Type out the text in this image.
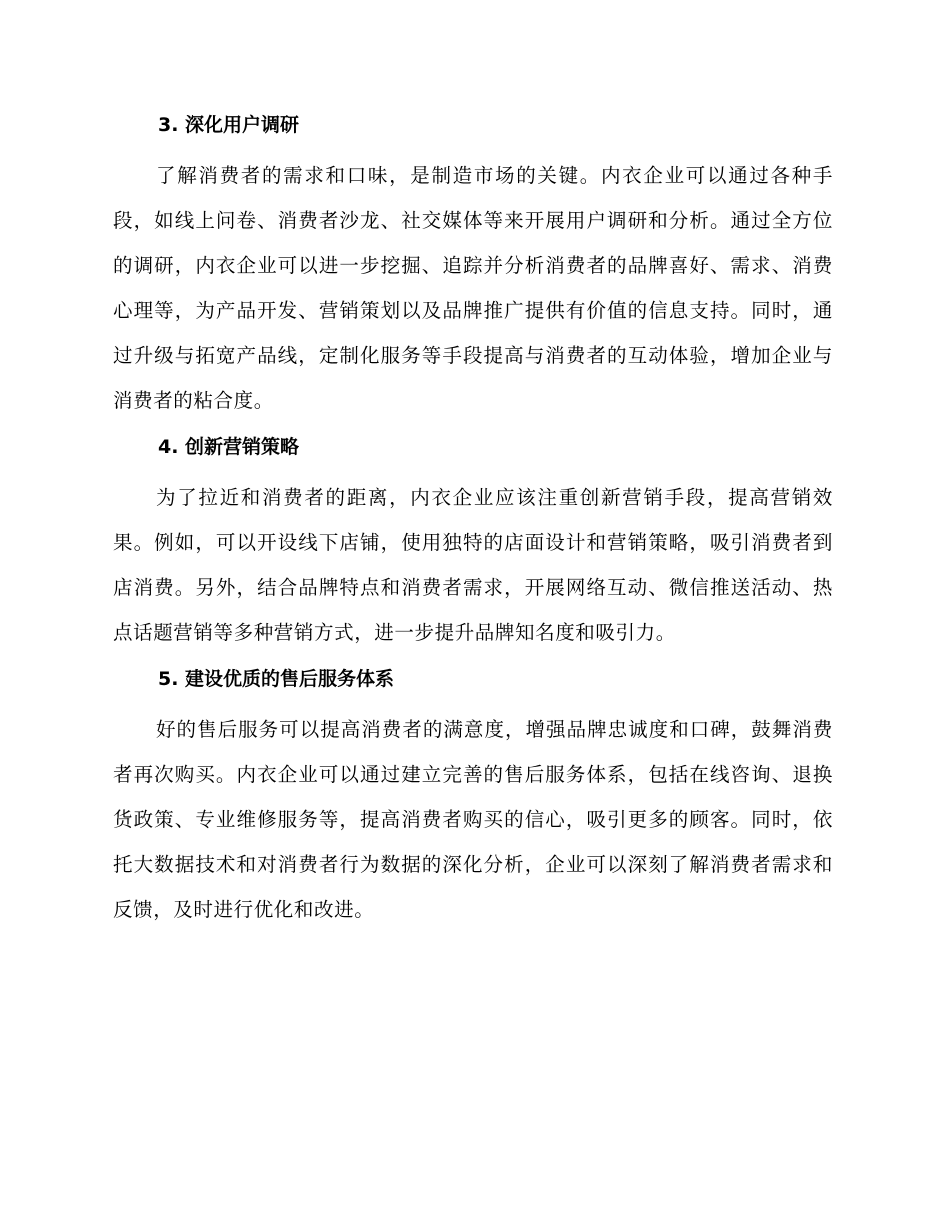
3. 深化用户调研

了解消费者的需求和口味，是制造市场的关键。内衣企业可以通过各种手段，如线上问卷、消费者沙龙、社交媒体等来开展用户调研和分析。通过全方位的调研，内衣企业可以进一步挖掘、追踪并分析消费者的品牌喜好、需求、消费心理等，为产品开发、营销策划以及品牌推广提供有价值的信息支持。同时，通过升级与拓宽产品线，定制化服务等手段提高与消费者的互动体验，增加企业与消费者的粘合度。

4. 创新营销策略

为了拉近和消费者的距离，内衣企业应该注重创新营销手段，提高营销效果。例如，可以开设线下店铺，使用独特的店面设计和营销策略，吸引消费者到店消费。另外，结合品牌特点和消费者需求，开展网络互动、微信推送活动、热点话题营销等多种营销方式，进一步提升品牌知名度和吸引力。

5. 建设优质的售后服务体系

好的售后服务可以提高消费者的满意度，增强品牌忠诚度和口碑，鼓舞消费者再次购买。内衣企业可以通过建立完善的售后服务体系，包括在线咨询、退换货政策、专业维修服务等，提高消费者购买的信心，吸引更多的顾客。同时，依托大数据技术和对消费者行为数据的深化分析，企业可以深刻了解消费者需求和反馈，及时进行优化和改进。
